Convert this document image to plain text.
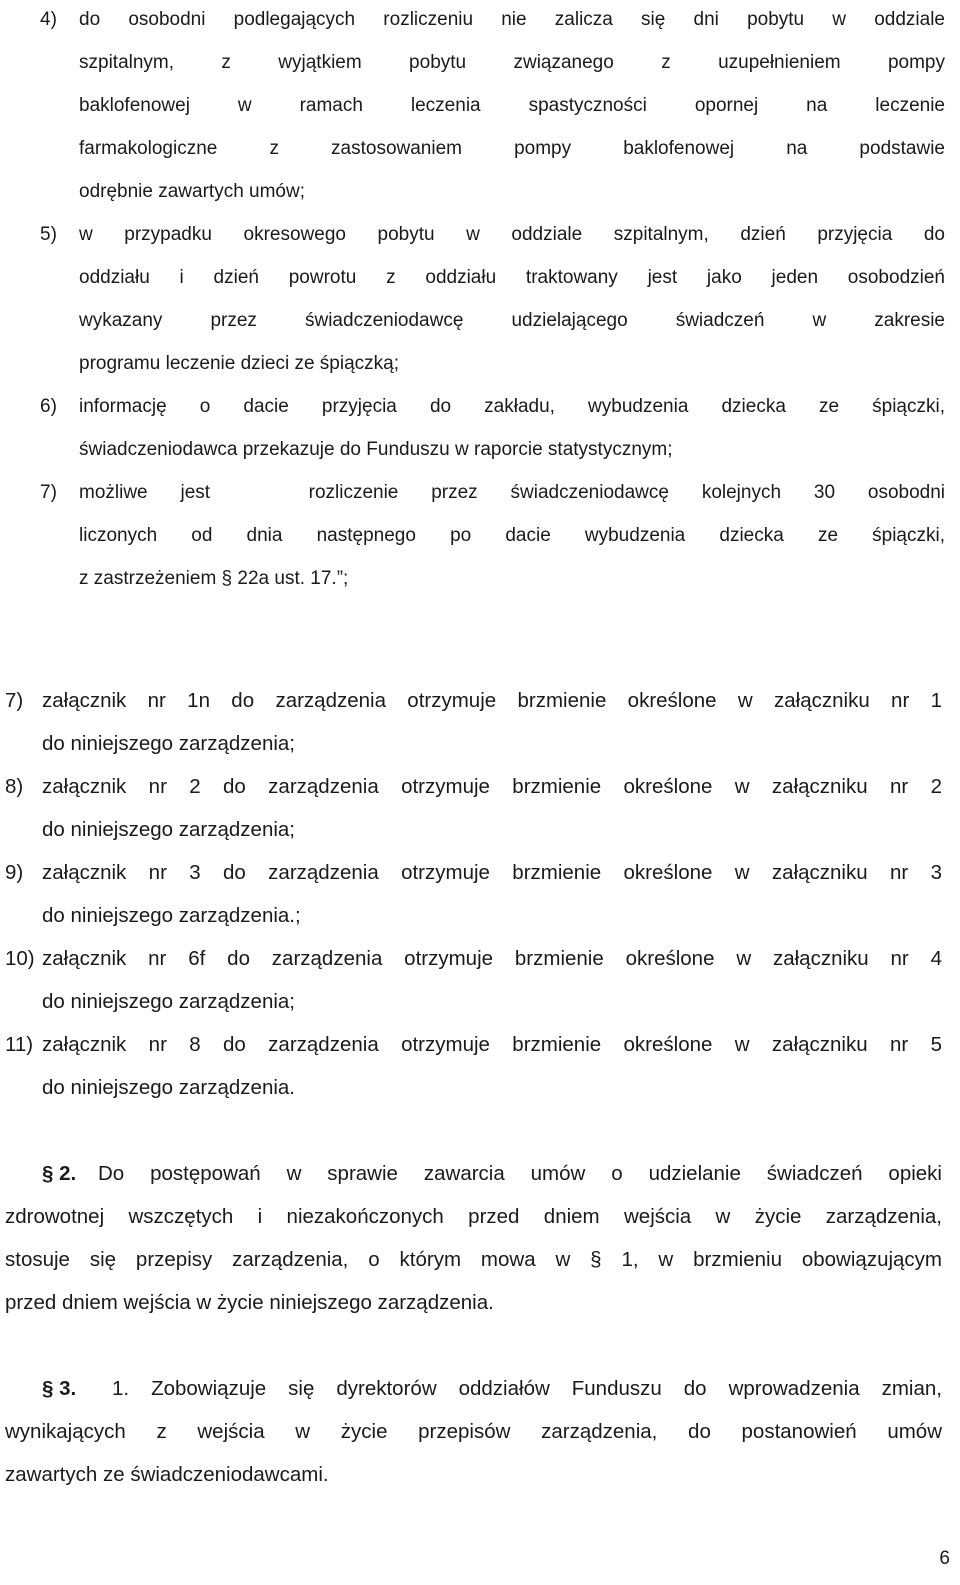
4) do osobodni podlegających rozliczeniu nie zalicza się dni pobytu w oddziale
szpitalnym, z wyjątkiem pobytu związanego z uzupełnieniem pompy
baklofenowej w ramach leczenia spastyczności opornej na leczenie
farmakologiczne z zastosowaniem pompy baklofenowej na podstawie
odrębnie zawartych umów;
5) w przypadku okresowego pobytu w oddziale szpitalnym, dzień przyjęcia do
oddziału i dzień powrotu z oddziału traktowany jest jako jeden osobodzień
wykazany przez świadczeniodawcę udzielającego świadczeń w zakresie
programu leczenie dzieci ze śpiączką;
6) informację o dacie przyjęcia do zakładu, wybudzenia dziecka ze śpiączki,
świadczeniodawca przekazuje do Funduszu w raporcie statystycznym;
7) możliwe jest   rozliczenie przez świadczeniodawcę kolejnych 30 osobodni
liczonych od dnia następnego po dacie wybudzenia dziecka ze śpiączki,
z zastrzeżeniem § 22a ust. 17.”;
7) załącznik nr 1n do zarządzenia otrzymuje brzmienie określone w załączniku nr 1
do niniejszego zarządzenia;
8) załącznik nr 2 do zarządzenia otrzymuje brzmienie określone w załączniku nr 2
do niniejszego zarządzenia;
9) załącznik nr 3 do zarządzenia otrzymuje brzmienie określone w załączniku nr 3
do niniejszego zarządzenia.;
10) załącznik nr 6f do zarządzenia otrzymuje brzmienie określone w załączniku nr 4
do niniejszego zarządzenia;
11) załącznik nr 8 do zarządzenia otrzymuje brzmienie określone w załączniku nr 5
do niniejszego zarządzenia.
§ 2. Do postępowań w sprawie zawarcia umów o udzielanie świadczeń opieki
zdrowotnej wszczętych i niezakończonych przed dniem wejścia w życie zarządzenia,
stosuje się przepisy zarządzenia, o którym mowa w § 1, w brzmieniu obowiązującym
przed dniem wejścia w życie niniejszego zarządzenia.
§ 3. 1. Zobowiązuje się dyrektorów oddziałów Funduszu do wprowadzenia zmian,
wynikających z wejścia w życie przepisów zarządzenia, do postanowień umów
zawartych ze świadczeniodawcami.
6
